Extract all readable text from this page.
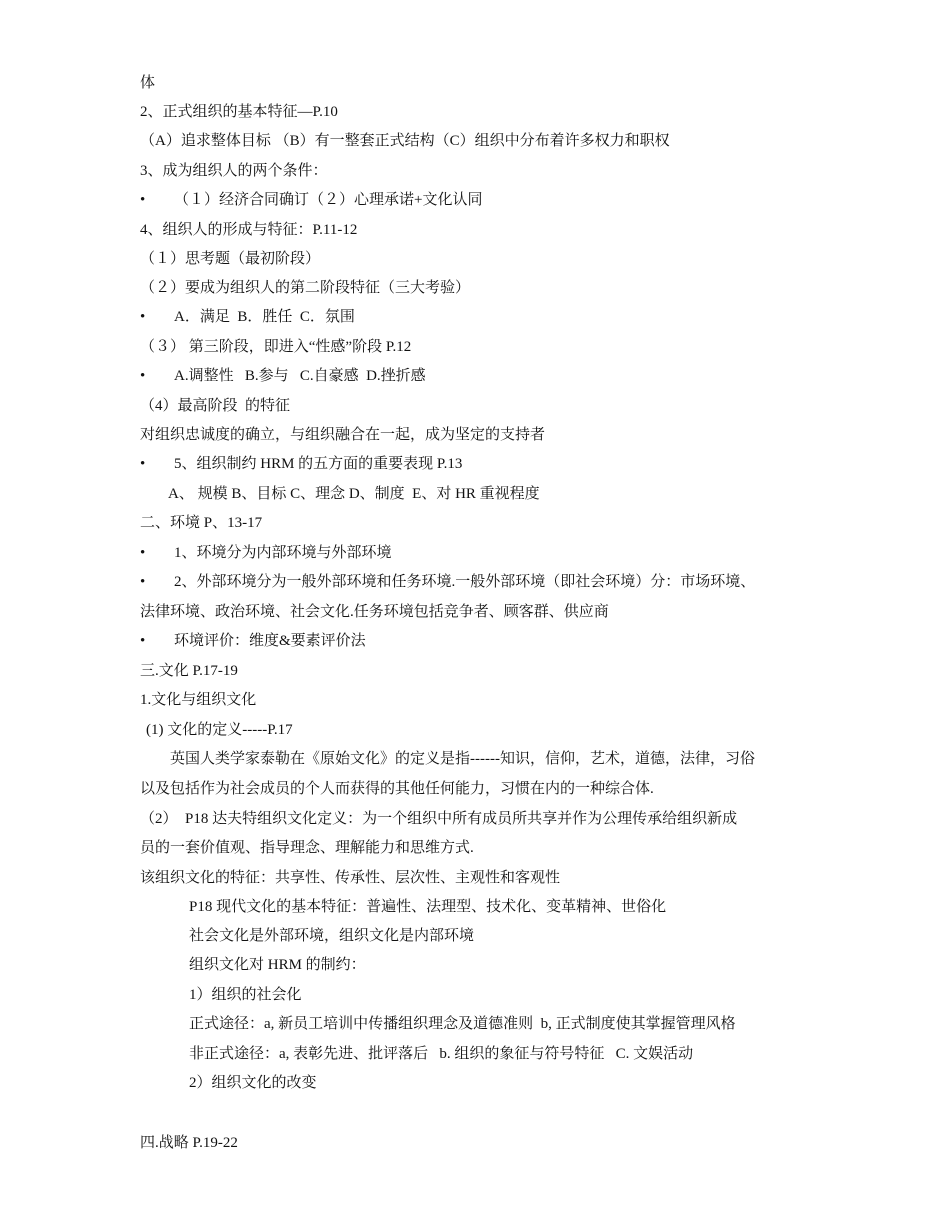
体
2、正式组织的基本特征—P.10
（A）追求整体目标 （B）有一整套正式结构（C）组织中分布着许多权力和职权
3、成为组织人的两个条件：
• （１）经济合同确订（２）心理承诺+文化认同
4、组织人的形成与特征：P.11-12
（１）思考题（最初阶段）
（２）要成为组织人的第二阶段特征（三大考验）
• A．满足  B．胜任  C．氛围
（３） 第三阶段，即进入“性感”阶段 P.12
• A.调整性   B.参与   C.自豪感  D.挫折感
（4）最高阶段  的特征
对组织忠诚度的确立，与组织融合在一起，成为坚定的支持者
• 5、组织制约 HRM 的五方面的重要表现 P.13
A、 规模 B、目标 C、理念 D、制度  E、对 HR 重视程度
二、环境 P、13-17
• 1、环境分为内部环境与外部环境
• 2、外部环境分为一般外部环境和任务环境.一般外部环境（即社会环境）分：市场环境、
法律环境、政治环境、社会文化.任务环境包括竞争者、顾客群、供应商
• 环境评价：维度&要素评价法
三.文化 P.17-19
1.文化与组织文化
(1) 文化的定义-----P.17
英国人类学家泰勒在《原始文化》的定义是指------知识，信仰，艺术，道德，法律，习俗
以及包括作为社会成员的个人而获得的其他任何能力，习惯在内的一种综合体.
（2）  P18 达夫特组织文化定义：为一个组织中所有成员所共享并作为公理传承给组织新成
员的一套价值观、指导理念、理解能力和思维方式.
该组织文化的特征：共享性、传承性、层次性、主观性和客观性
P18 现代文化的基本特征：普遍性、法理型、技术化、变革精神、世俗化
社会文化是外部环境，组织文化是内部环境
组织文化对 HRM 的制约：
1）组织的社会化
正式途径：a, 新员工培训中传播组织理念及道德准则  b, 正式制度使其掌握管理风格
非正式途径：a, 表彰先进、批评落后   b. 组织的象征与符号特征   C. 文娱活动
2）组织文化的改变
四.战略 P.19-22
